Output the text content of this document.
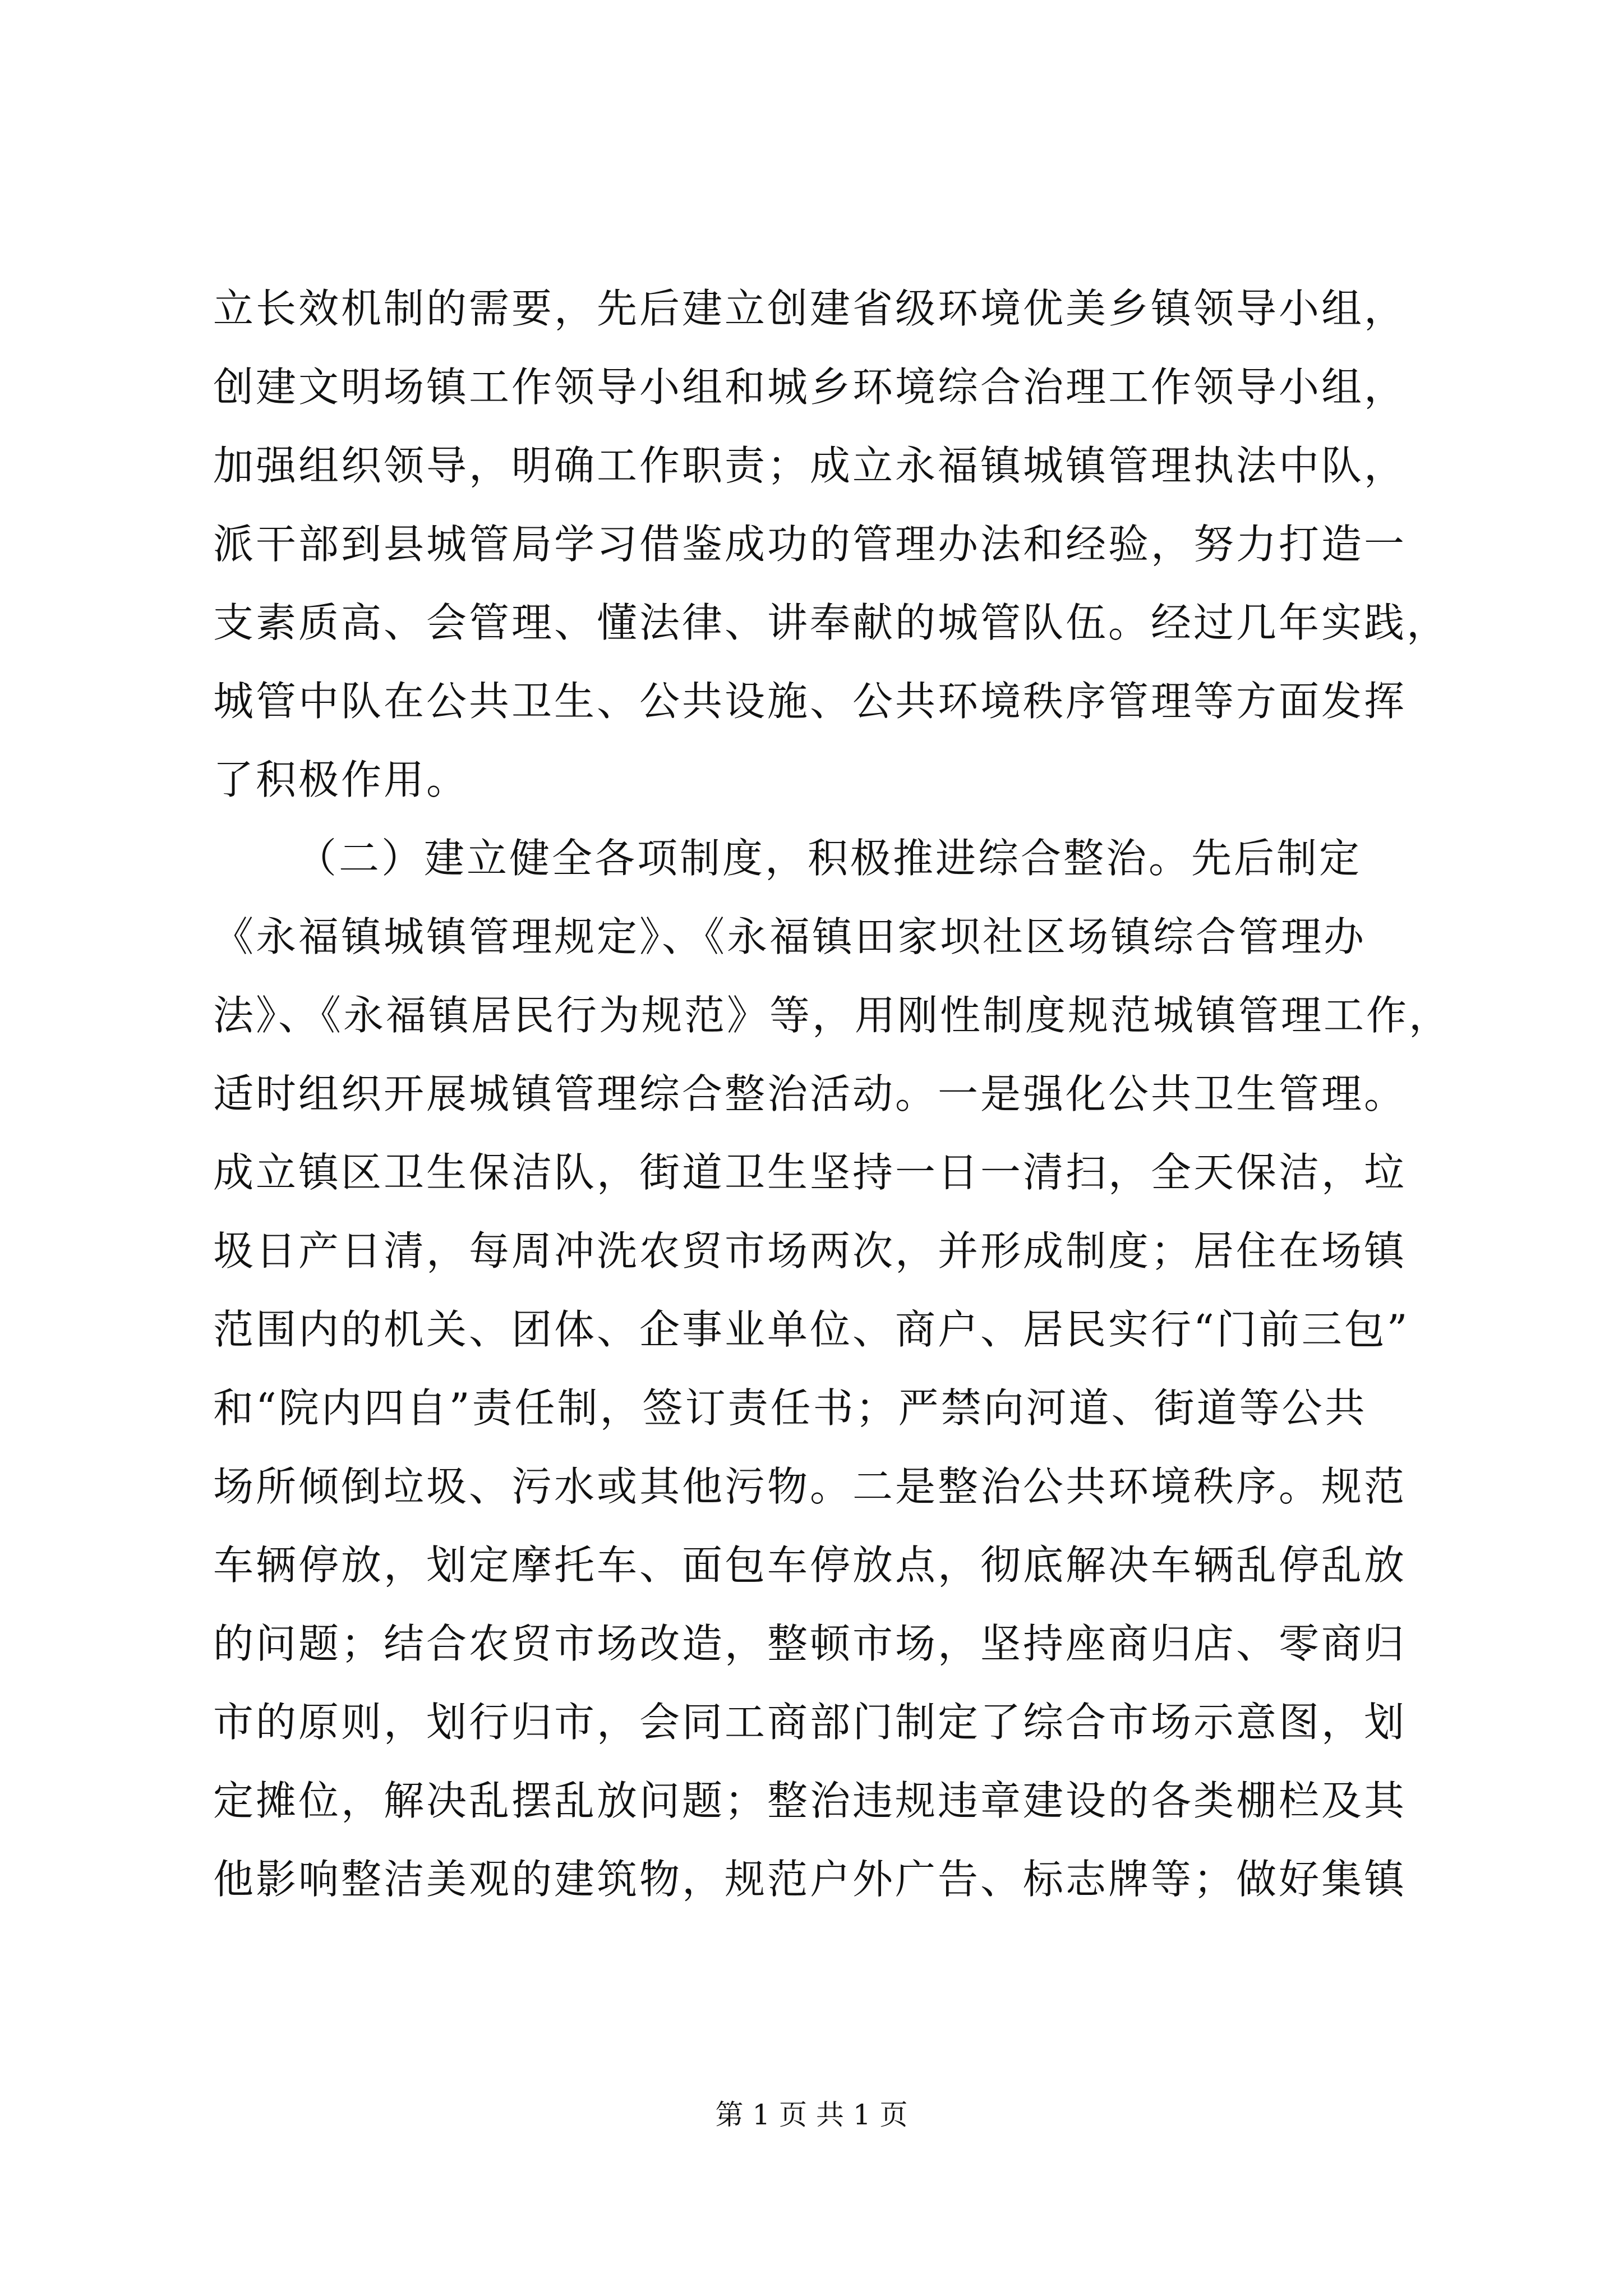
立长效机制的需要，先后建立创建省级环境优美乡镇领导小组，
创建文明场镇工作领导小组和城乡环境综合治理工作领导小组，
加强组织领导，明确工作职责；成立永福镇城镇管理执法中队，
派干部到县城管局学习借鉴成功的管理办法和经验，努力打造一
支素质高、会管理、懂法律、讲奉献的城管队伍。经过几年实践，
城管中队在公共卫生、公共设施、公共环境秩序管理等方面发挥
了积极作用。
（二）建立健全各项制度，积极推进综合整治。先后制定
《永福镇城镇管理规定》、《永福镇田家坝社区场镇综合管理办
法》、《永福镇居民行为规范》等，用刚性制度规范城镇管理工作，
适时组织开展城镇管理综合整治活动。一是强化公共卫生管理。
成立镇区卫生保洁队，街道卫生坚持一日一清扫，全天保洁，垃
圾日产日清，每周冲洗农贸市场两次，并形成制度；居住在场镇
范围内的机关、团体、企事业单位、商户、居民实行“门前三包”
和“院内四自”责任制，签订责任书；严禁向河道、街道等公共
场所倾倒垃圾、污水或其他污物。二是整治公共环境秩序。规范
车辆停放，划定摩托车、面包车停放点，彻底解决车辆乱停乱放
的问题；结合农贸市场改造，整顿市场，坚持座商归店、零商归
市的原则，划行归市，会同工商部门制定了综合市场示意图，划
定摊位，解决乱摆乱放问题；整治违规违章建设的各类棚栏及其
他影响整洁美观的建筑物，规范户外广告、标志牌等；做好集镇
第 1 页 共 1 页
